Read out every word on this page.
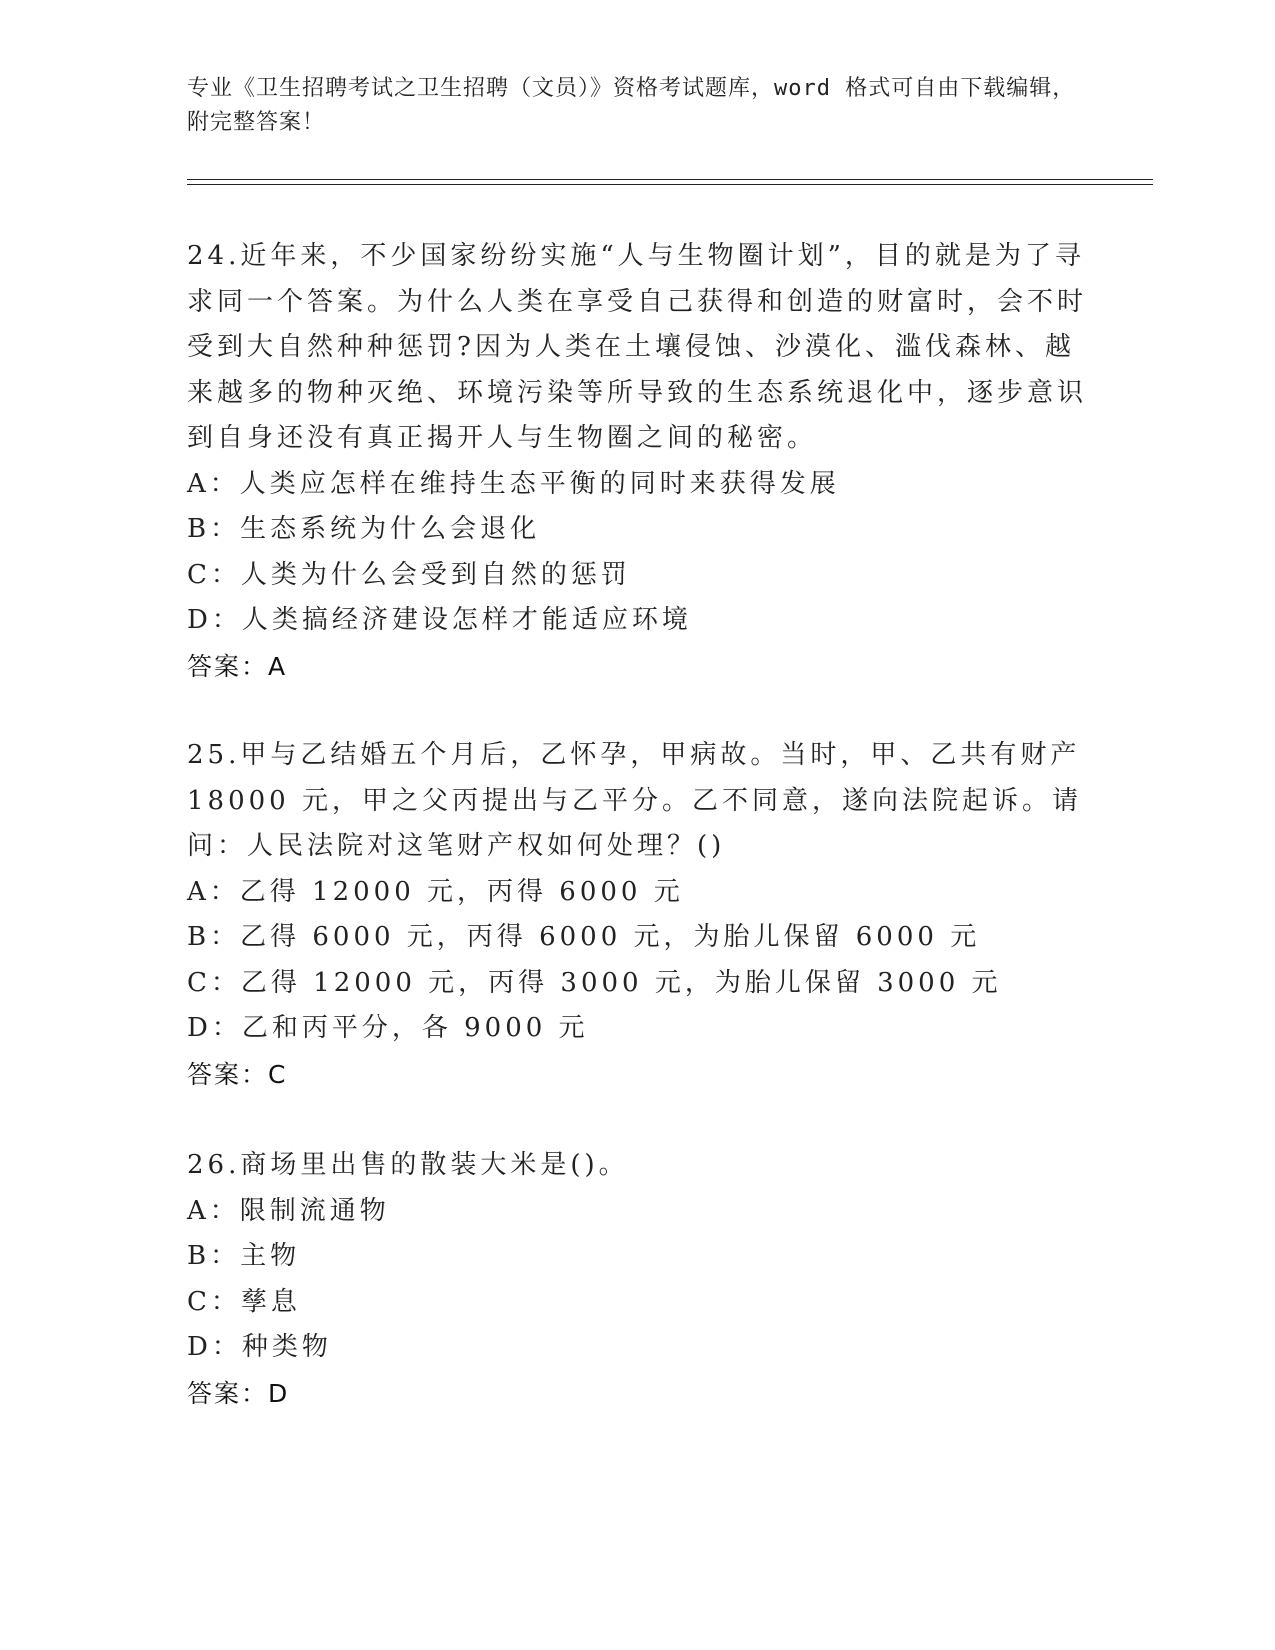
专业《卫生招聘考试之卫生招聘（文员）》资格考试题库，word 格式可自由下载编辑，附完整答案！

24.近年来，不少国家纷纷实施“人与生物圈计划”，目的就是为了寻求同一个答案。为什么人类在享受自己获得和创造的财富时，会不时受到大自然种种惩罚?因为人类在土壤侵蚀、沙漠化、滥伐森林、越来越多的物种灭绝、环境污染等所导致的生态系统退化中，逐步意识到自身还没有真正揭开人与生物圈之间的秘密。

A：人类应怎样在维持生态平衡的同时来获得发展

B：生态系统为什么会退化

C：人类为什么会受到自然的惩罚

D：人类搞经济建设怎样才能适应环境

答案：A

25.甲与乙结婚五个月后，乙怀孕，甲病故。当时，甲、乙共有财产18000 元，甲之父丙提出与乙平分。乙不同意，遂向法院起诉。请问：人民法院对这笔财产权如何处理？()

A：乙得 12000 元，丙得 6000 元

B：乙得 6000 元，丙得 6000 元，为胎儿保留 6000 元

C：乙得 12000 元，丙得 3000 元，为胎儿保留 3000 元

D：乙和丙平分，各 9000 元

答案：C

26.商场里出售的散装大米是()。

A：限制流通物

B：主物

C：孳息

D：种类物

答案：D
